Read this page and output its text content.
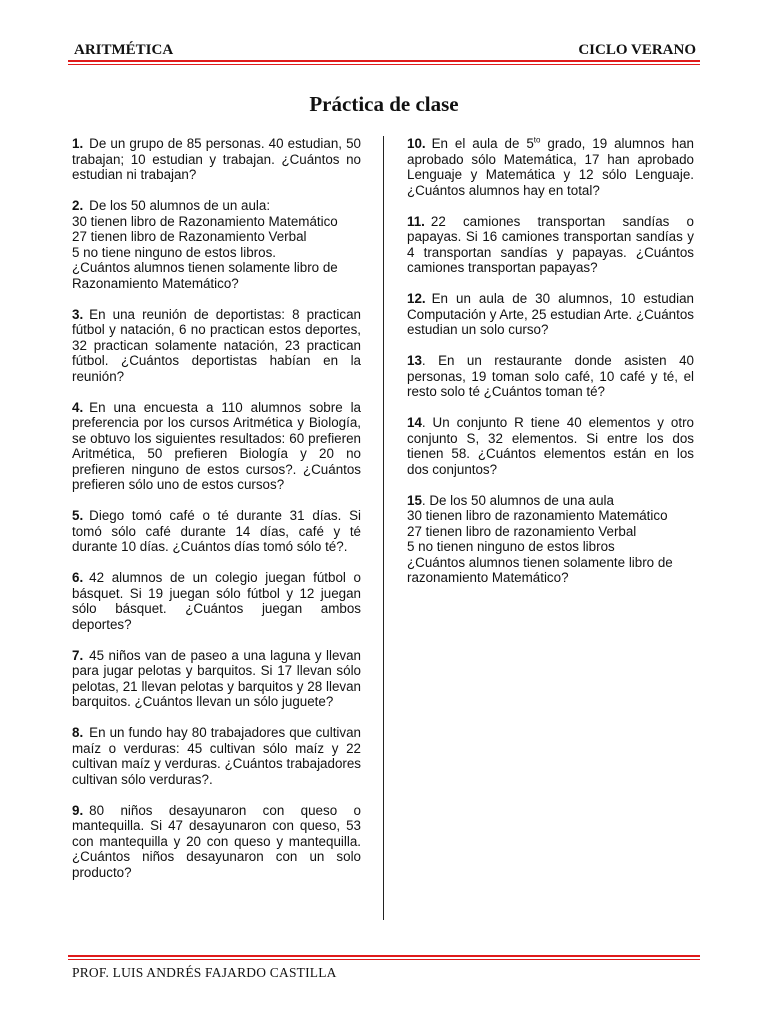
ARITMÉTICA	CICLO VERANO
Práctica de clase
1. De un grupo de 85 personas. 40 estudian, 50 trabajan; 10 estudian y trabajan. ¿Cuántos no estudian ni trabajan?
2. De los 50 alumnos de un aula:
30 tienen libro de Razonamiento Matemático
27 tienen libro de Razonamiento Verbal
5 no tiene ninguno de estos libros.
¿Cuántos alumnos tienen solamente libro de Razonamiento Matemático?
3. En una reunión de deportistas: 8 practican fútbol y natación, 6 no practican estos deportes, 32 practican solamente natación, 23 practican fútbol. ¿Cuántos deportistas habían en la reunión?
4. En una encuesta a 110 alumnos sobre la preferencia por los cursos Aritmética y Biología, se obtuvo los siguientes resultados: 60 prefieren Aritmética, 50 prefieren Biología y 20 no prefieren ninguno de estos cursos?. ¿Cuántos prefieren sólo uno de estos cursos?
5. Diego tomó café o té durante 31 días. Si tomó sólo café durante 14 días, café y té durante 10 días. ¿Cuántos días tomó sólo té?.
6. 42 alumnos de un colegio juegan fútbol o básquet. Si 19 juegan sólo fútbol y 12 juegan sólo básquet. ¿Cuántos juegan ambos deportes?
7. 45 niños van de paseo a una laguna y llevan para jugar pelotas y barquitos. Si 17 llevan sólo pelotas, 21 llevan pelotas y barquitos y 28 llevan barquitos. ¿Cuántos llevan un sólo juguete?
8. En un fundo hay 80 trabajadores que cultivan maíz o verduras: 45 cultivan sólo maíz y 22 cultivan maíz y verduras. ¿Cuántos trabajadores cultivan sólo verduras?.
9. 80 niños desayunaron con queso o mantequilla. Si 47 desayunaron con queso, 53 con mantequilla y 20 con queso y mantequilla. ¿Cuántos niños desayunaron con un solo producto?
10. En el aula de $5^{to}$ grado, 19 alumnos han aprobado sólo Matemática, 17 han aprobado Lenguaje y Matemática y 12 sólo Lenguaje. ¿Cuántos alumnos hay en total?
11. 22 camiones transportan sandías o papayas. Si 16 camiones transportan sandías y 4 transportan sandías y papayas. ¿Cuántos camiones transportan papayas?
12. En un aula de 30 alumnos, 10 estudian Computación y Arte, 25 estudian Arte. ¿Cuántos estudian un solo curso?
13. En un restaurante donde asisten 40 personas, 19 toman solo café, 10 café y té, el resto solo té ¿Cuántos toman té?
14. Un conjunto R tiene 40 elementos y otro conjunto S, 32 elementos. Si entre los dos tienen 58. ¿Cuántos elementos están en los dos conjuntos?
15. De los 50 alumnos de una aula
30 tienen libro de razonamiento Matemático
27 tienen libro de razonamiento Verbal
5 no tienen ninguno de estos libros
¿Cuántos alumnos tienen solamente libro de razonamiento Matemático?
PROF. LUIS ANDRÉS FAJARDO CASTILLA
